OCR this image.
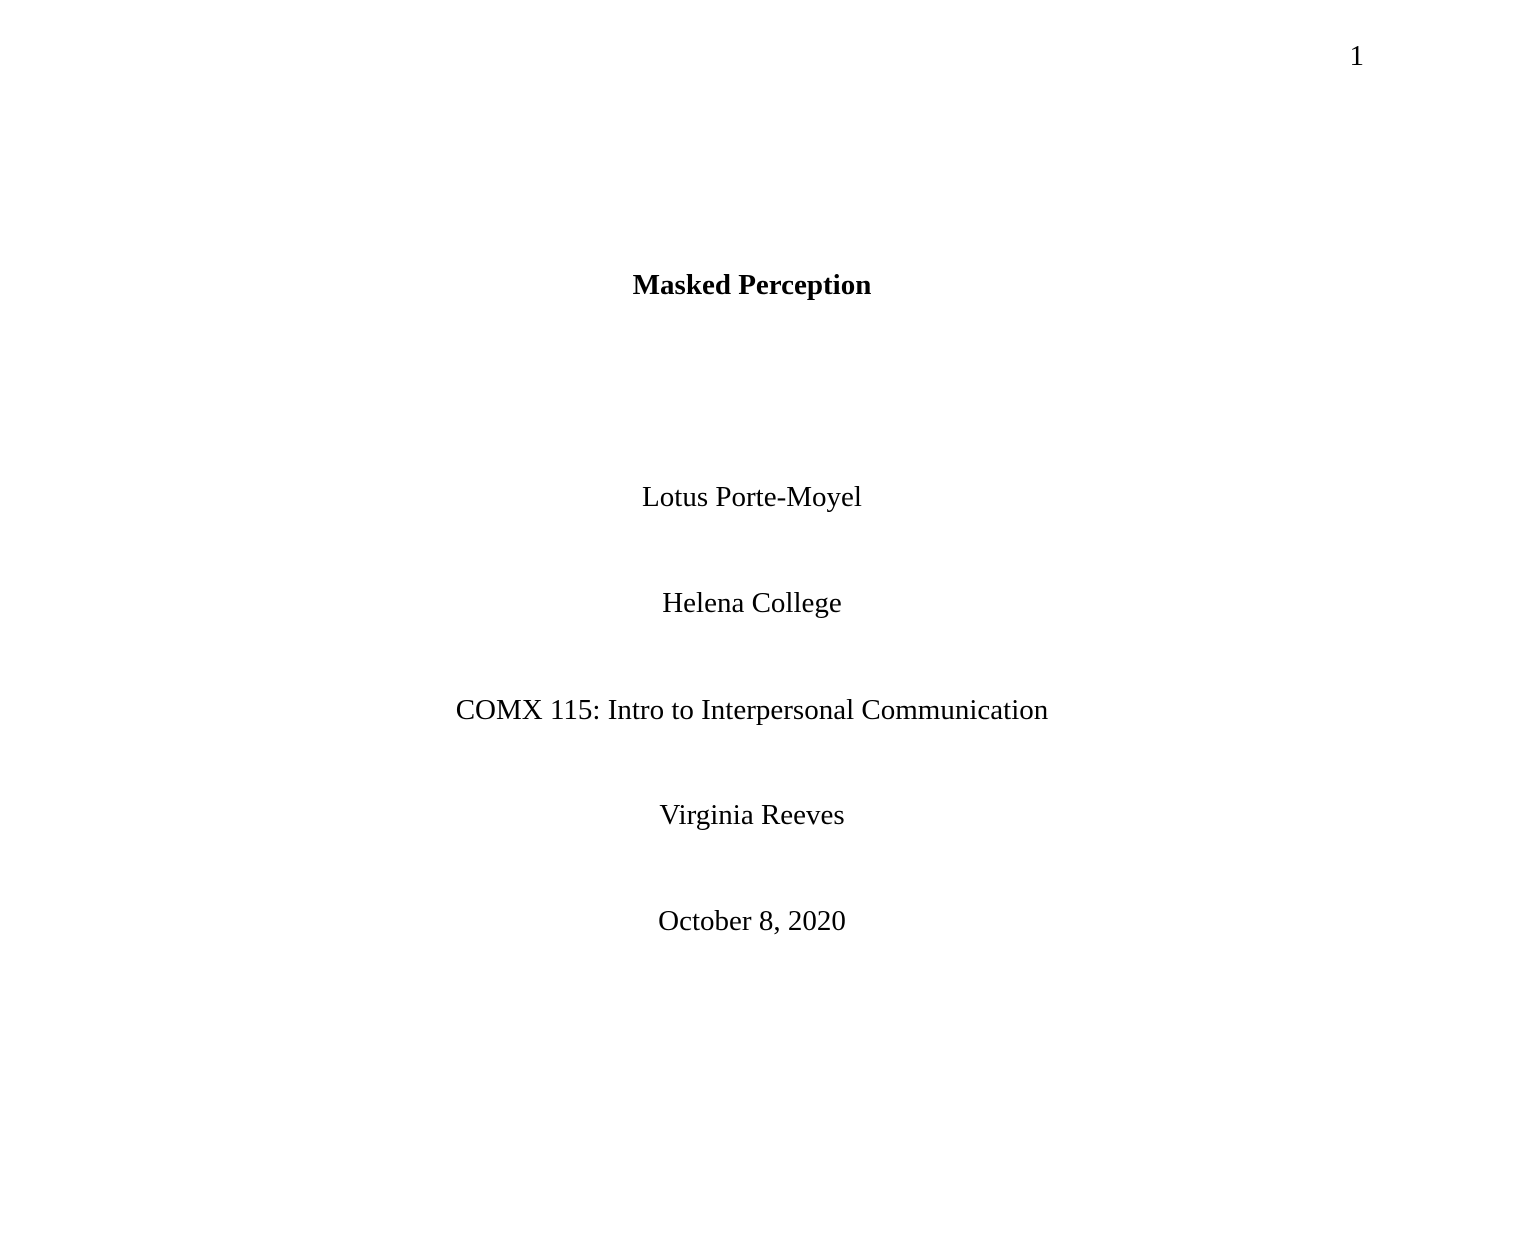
1
Masked Perception
Lotus Porte-Moyel
Helena College
COMX 115: Intro to Interpersonal Communication
Virginia Reeves
October 8, 2020
